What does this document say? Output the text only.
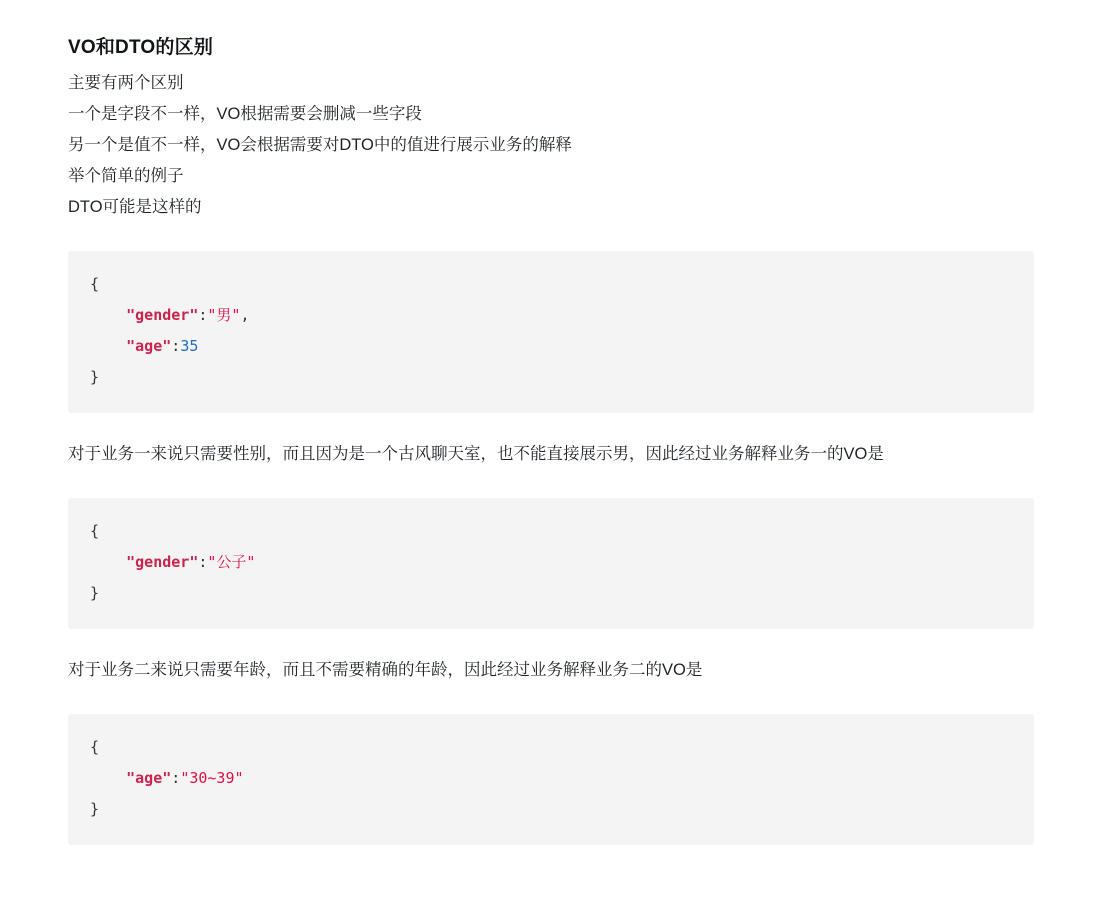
VO和DTO的区别

主要有两个区别

一个是字段不一样，VO根据需要会删减一些字段

另一个是值不一样，VO会根据需要对DTO中的值进行展示业务的解释

举个简单的例子

DTO可能是这样的

{
"gender":"男",
"age":35
}

对于业务一来说只需要性别，而且因为是一个古风聊天室，也不能直接展示男，因此经过业务解释业务一的VO是

{
"gender":"公子"
}

对于业务二来说只需要年龄，而且不需要精确的年龄，因此经过业务解释业务二的VO是

{
"age":"30~39"
}
